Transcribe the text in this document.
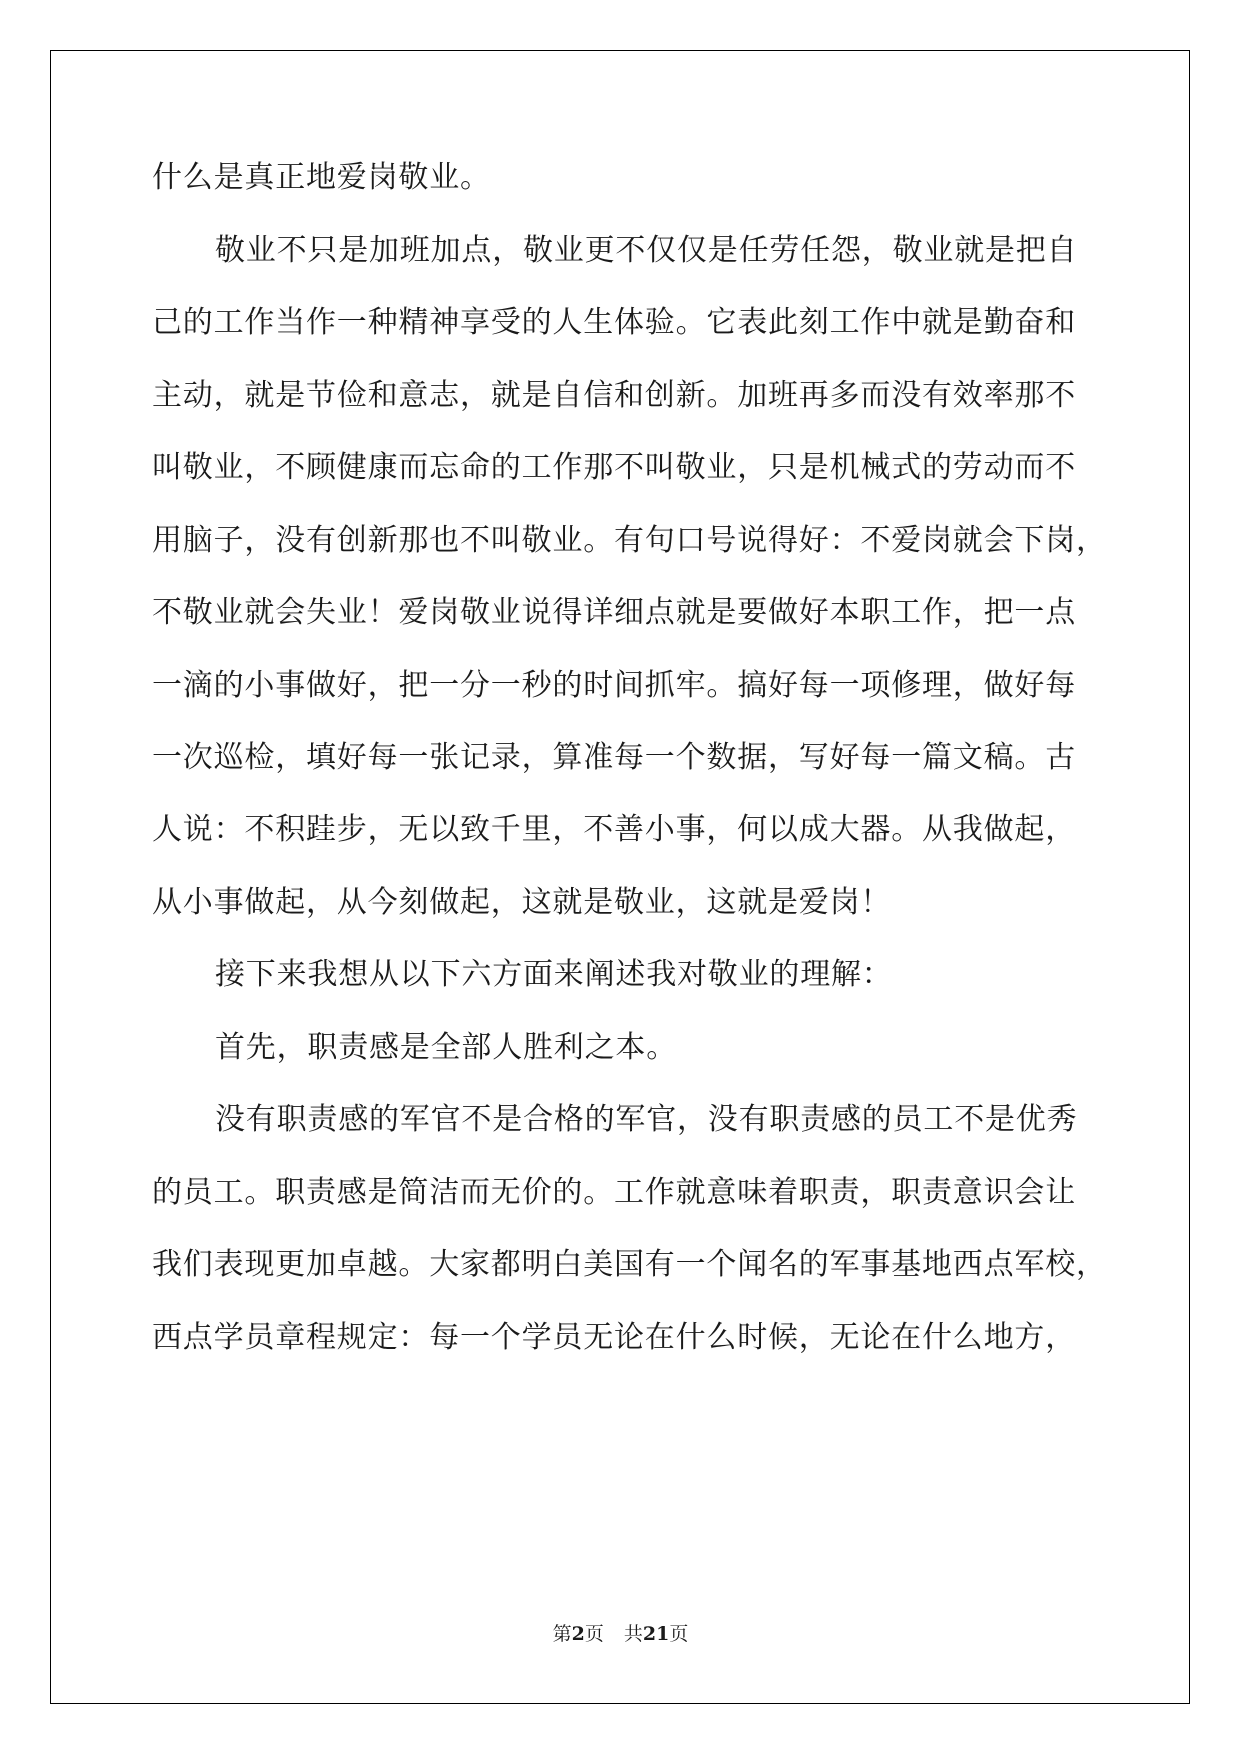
什么是真正地爱岗敬业。
敬业不只是加班加点，敬业更不仅仅是任劳任怨，敬业就是把自
己的工作当作一种精神享受的人生体验。它表此刻工作中就是勤奋和
主动，就是节俭和意志，就是自信和创新。加班再多而没有效率那不
叫敬业，不顾健康而忘命的工作那不叫敬业，只是机械式的劳动而不
用脑子，没有创新那也不叫敬业。有句口号说得好：不爱岗就会下岗，
不敬业就会失业！爱岗敬业说得详细点就是要做好本职工作，把一点
一滴的小事做好，把一分一秒的时间抓牢。搞好每一项修理，做好每
一次巡检，填好每一张记录，算准每一个数据，写好每一篇文稿。古
人说：不积跬步，无以致千里，不善小事，何以成大器。从我做起，
从小事做起，从今刻做起，这就是敬业，这就是爱岗！
接下来我想从以下六方面来阐述我对敬业的理解：
首先，职责感是全部人胜利之本。
没有职责感的军官不是合格的军官，没有职责感的员工不是优秀
的员工。职责感是简洁而无价的。工作就意味着职责，职责意识会让
我们表现更加卓越。大家都明白美国有一个闻名的军事基地西点军校，
西点学员章程规定：每一个学员无论在什么时候，无论在什么地方，
第2页 共21页
